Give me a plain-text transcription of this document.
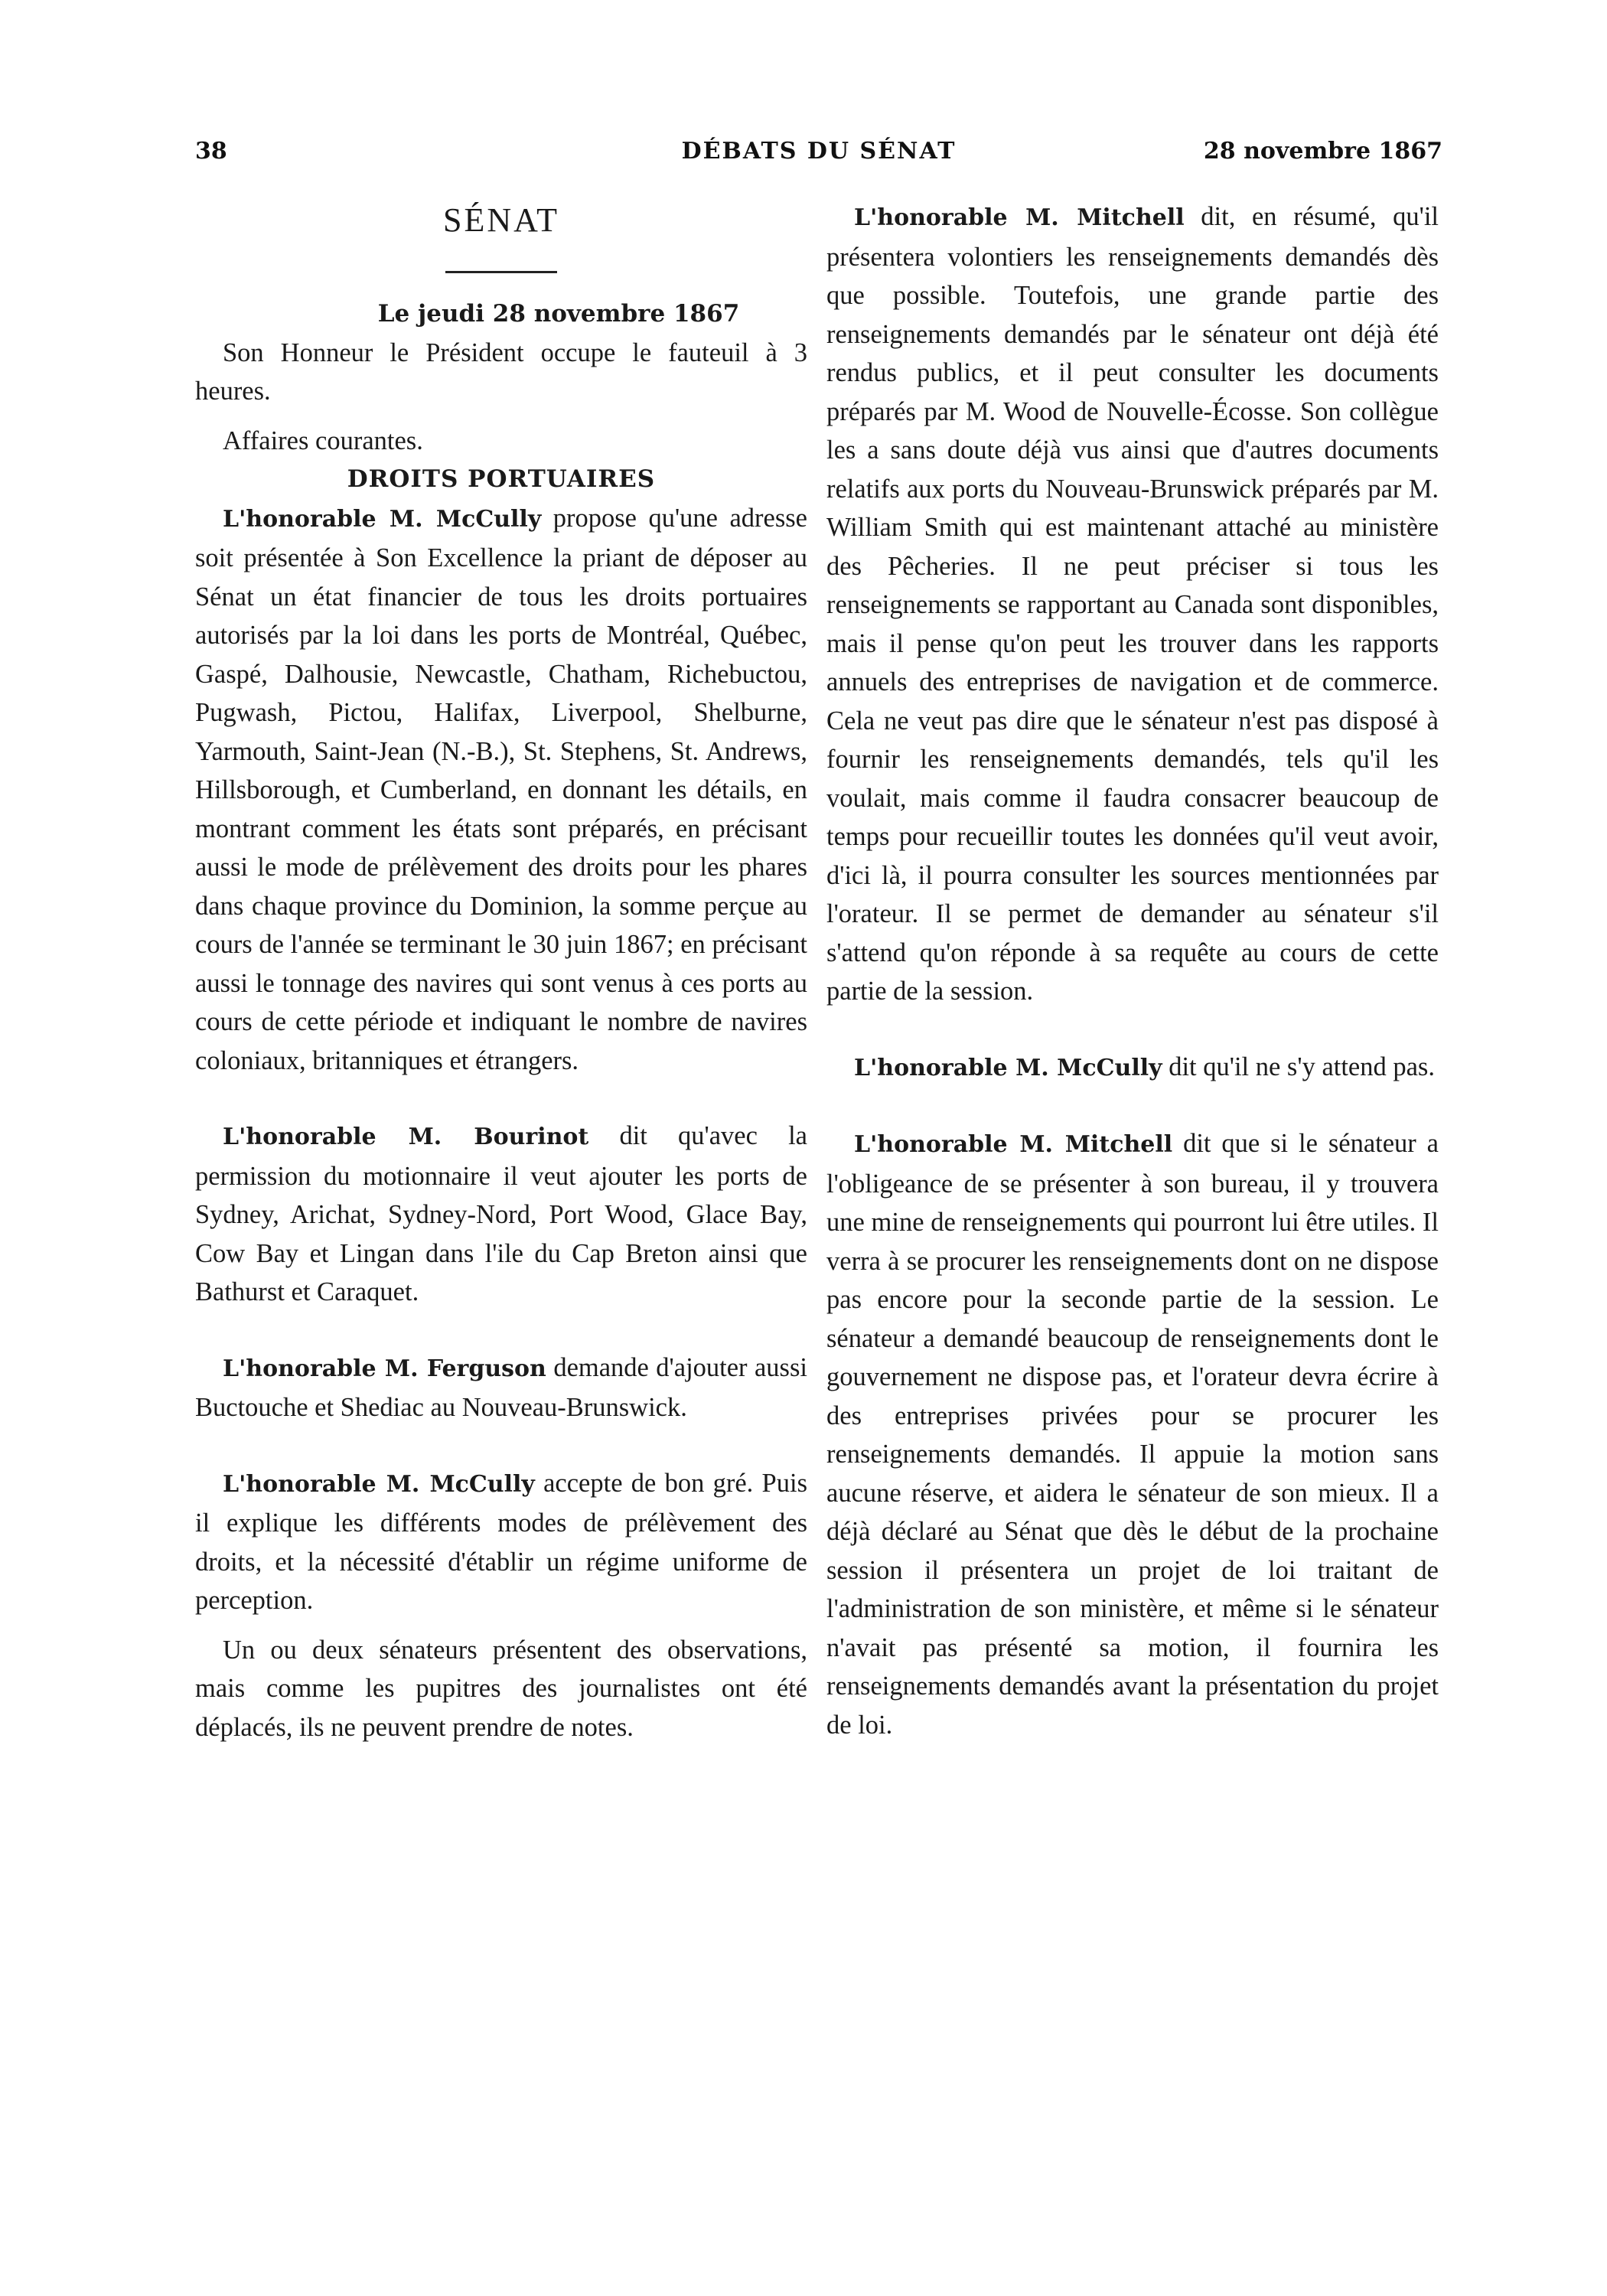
38	DÉBATS DU SÉNAT	28 novembre 1867

SÉNAT

Le jeudi 28 novembre 1867

Son Honneur le Président occupe le fauteuil à 3 heures.

Affaires courantes.

DROITS PORTUAIRES

L'honorable M. McCully propose qu'une adresse soit présentée à Son Excellence la priant de déposer au Sénat un état financier de tous les droits portuaires autorisés par la loi dans les ports de Montréal, Québec, Gaspé, Dalhousie, Newcastle, Chatham, Richebuctou, Pugwash, Pictou, Halifax, Liverpool, Shelburne, Yarmouth, Saint-Jean (N.-B.), St. Stephens, St. Andrews, Hillsborough, et Cumberland, en donnant les détails, en montrant comment les états sont préparés, en précisant aussi le mode de prélèvement des droits pour les phares dans chaque province du Dominion, la somme perçue au cours de l'année se terminant le 30 juin 1867; en précisant aussi le tonnage des navires qui sont venus à ces ports au cours de cette période et indiquant le nombre de navires coloniaux, britanniques et étrangers.

L'honorable M. Bourinot dit qu'avec la permission du motionnaire il veut ajouter les ports de Sydney, Arichat, Sydney-Nord, Port Wood, Glace Bay, Cow Bay et Lingan dans l'ile du Cap Breton ainsi que Bathurst et Caraquet.

L'honorable M. Ferguson demande d'ajouter aussi Buctouche et Shediac au Nouveau-Brunswick.

L'honorable M. McCully accepte de bon gré. Puis il explique les différents modes de prélèvement des droits, et la nécessité d'établir un régime uniforme de perception.

Un ou deux sénateurs présentent des observations, mais comme les pupitres des journalistes ont été déplacés, ils ne peuvent prendre de notes.

L'honorable M. Mitchell dit, en résumé, qu'il présentera volontiers les renseignements demandés dès que possible. Toutefois, une grande partie des renseignements demandés par le sénateur ont déjà été rendus publics, et il peut consulter les documents préparés par M. Wood de Nouvelle-Écosse. Son collègue les a sans doute déjà vus ainsi que d'autres documents relatifs aux ports du Nouveau-Brunswick préparés par M. William Smith qui est maintenant attaché au ministère des Pêcheries. Il ne peut préciser si tous les renseignements se rapportant au Canada sont disponibles, mais il pense qu'on peut les trouver dans les rapports annuels des entreprises de navigation et de commerce. Cela ne veut pas dire que le sénateur n'est pas disposé à fournir les renseignements demandés, tels qu'il les voulait, mais comme il faudra consacrer beaucoup de temps pour recueillir toutes les données qu'il veut avoir, d'ici là, il pourra consulter les sources mentionnées par l'orateur. Il se permet de demander au sénateur s'il s'attend qu'on réponde à sa requête au cours de cette partie de la session.

L'honorable M. McCully dit qu'il ne s'y attend pas.

L'honorable M. Mitchell dit que si le sénateur a l'obligeance de se présenter à son bureau, il y trouvera une mine de renseignements qui pourront lui être utiles. Il verra à se procurer les renseignements dont on ne dispose pas encore pour la seconde partie de la session. Le sénateur a demandé beaucoup de renseignements dont le gouvernement ne dispose pas, et l'orateur devra écrire à des entreprises privées pour se procurer les renseignements demandés. Il appuie la motion sans aucune réserve, et aidera le sénateur de son mieux. Il a déjà déclaré au Sénat que dès le début de la prochaine session il présentera un projet de loi traitant de l'administration de son ministère, et même si le sénateur n'avait pas présenté sa motion, il fournira les renseignements demandés avant la présentation du projet de loi.
